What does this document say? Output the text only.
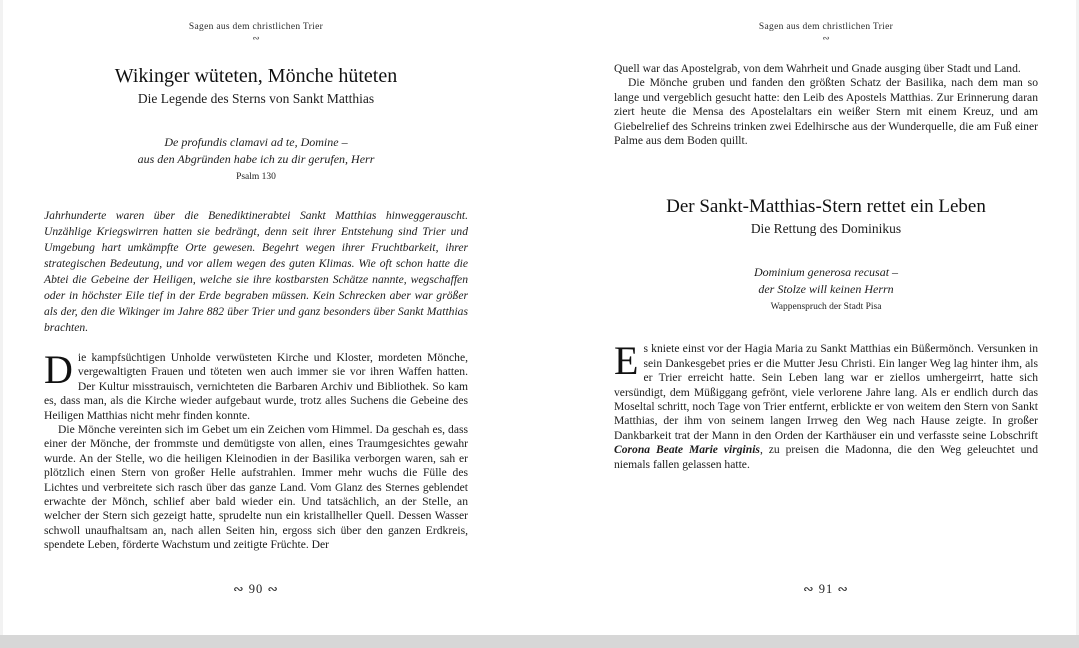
Sagen aus dem christlichen Trier
∾
Wikinger wüteten, Mönche hüteten
Die Legende des Sterns von Sankt Matthias
De profundis clamavi ad te, Domine –
aus den Abgründen habe ich zu dir gerufen, Herr
Psalm 130
Jahrhunderte waren über die Benediktinerabtei Sankt Matthias hinweggerauscht. Unzählige Kriegswirren hatten sie bedrängt, denn seit ihrer Entstehung sind Trier und Umgebung hart umkämpfte Orte gewesen. Begehrt wegen ihrer Fruchtbarkeit, ihrer strategischen Bedeutung, und vor allem wegen des guten Klimas. Wie oft schon hatte die Abtei die Gebeine der Heiligen, welche sie ihre kostbarsten Schätze nannte, wegschaffen oder in höchster Eile tief in der Erde begraben müssen. Kein Schrecken aber war größer als der, den die Wikinger im Jahre 882 über Trier und ganz besonders über Sankt Matthias brachten.

Die kampfsüchtigen Unholde verwüsteten Kirche und Kloster, mordeten Mönche, vergewaltigten Frauen und töteten wen auch immer sie vor ihren Waffen hatten. Der Kultur misstrauisch, vernichteten die Barbaren Archiv und Bibliothek. So kam es, dass man, als die Kirche wieder aufgebaut wurde, trotz alles Suchens die Gebeine des Heiligen Matthias nicht mehr finden konnte.

Die Mönche vereinten sich im Gebet um ein Zeichen vom Himmel. Da geschah es, dass einer der Mönche, der frommste und demütigste von allen, eines Traumgesichtes gewahr wurde. An der Stelle, wo die heiligen Kleinodien in der Basilika verborgen waren, sah er plötzlich einen Stern von großer Helle aufstrahlen. Immer mehr wuchs die Fülle des Lichtes und verbreitete sich rasch über das ganze Land. Vom Glanz des Sternes geblendet erwachte der Mönch, schlief aber bald wieder ein. Und tatsächlich, an der Stelle, an welcher der Stern sich gezeigt hatte, sprudelte nun ein kristallheller Quell. Dessen Wasser schwoll unaufhaltsam an, nach allen Seiten hin, ergoss sich über den ganzen Erdkreis, spendete Leben, förderte Wachstum und zeitigte Früchte. Der

∾ 90 ∾
Sagen aus dem christlichen Trier
∾

Quell war das Apostelgrab, von dem Wahrheit und Gnade ausging über Stadt und Land.

Die Mönche gruben und fanden den größten Schatz der Basilika, nach dem man so lange und vergeblich gesucht hatte: den Leib des Apostels Matthias. Zur Erinnerung daran ziert heute die Mensa des Apostelaltars ein weißer Stern mit einem Kreuz, und am Giebelrelief des Schreins trinken zwei Edelhirsche aus der Wunderquelle, die am Fuß einer Palme aus dem Boden quillt.

Der Sankt-Matthias-Stern rettet ein Leben
Die Rettung des Dominikus
Dominium generosa recusat –
der Stolze will keinen Herrn
Wappenspruch der Stadt Pisa

Es kniete einst vor der Hagia Maria zu Sankt Matthias ein Büßermönch. Versunken in sein Dankesgebet pries er die Mutter Jesu Christi. Ein langer Weg lag hinter ihm, als er Trier erreicht hatte. Sein Leben lang war er ziellos umhergeirrt, hatte sich versündigt, dem Müßiggang gefrönt, viele verlorene Jahre lang. Als er endlich durch das Moseltal schritt, noch Tage von Trier entfernt, erblickte er von weitem den Stern von Sankt Matthias, der ihm von seinem langen Irrweg den Weg nach Hause zeigte. In großer Dankbarkeit trat der Mann in den Orden der Karthäuser ein und verfasste seine Lobschrift Corona Beate Marie virginis, zu preisen die Madonna, die den Weg geleuchtet und niemals fallen gelassen hatte.

∾ 91 ∾
